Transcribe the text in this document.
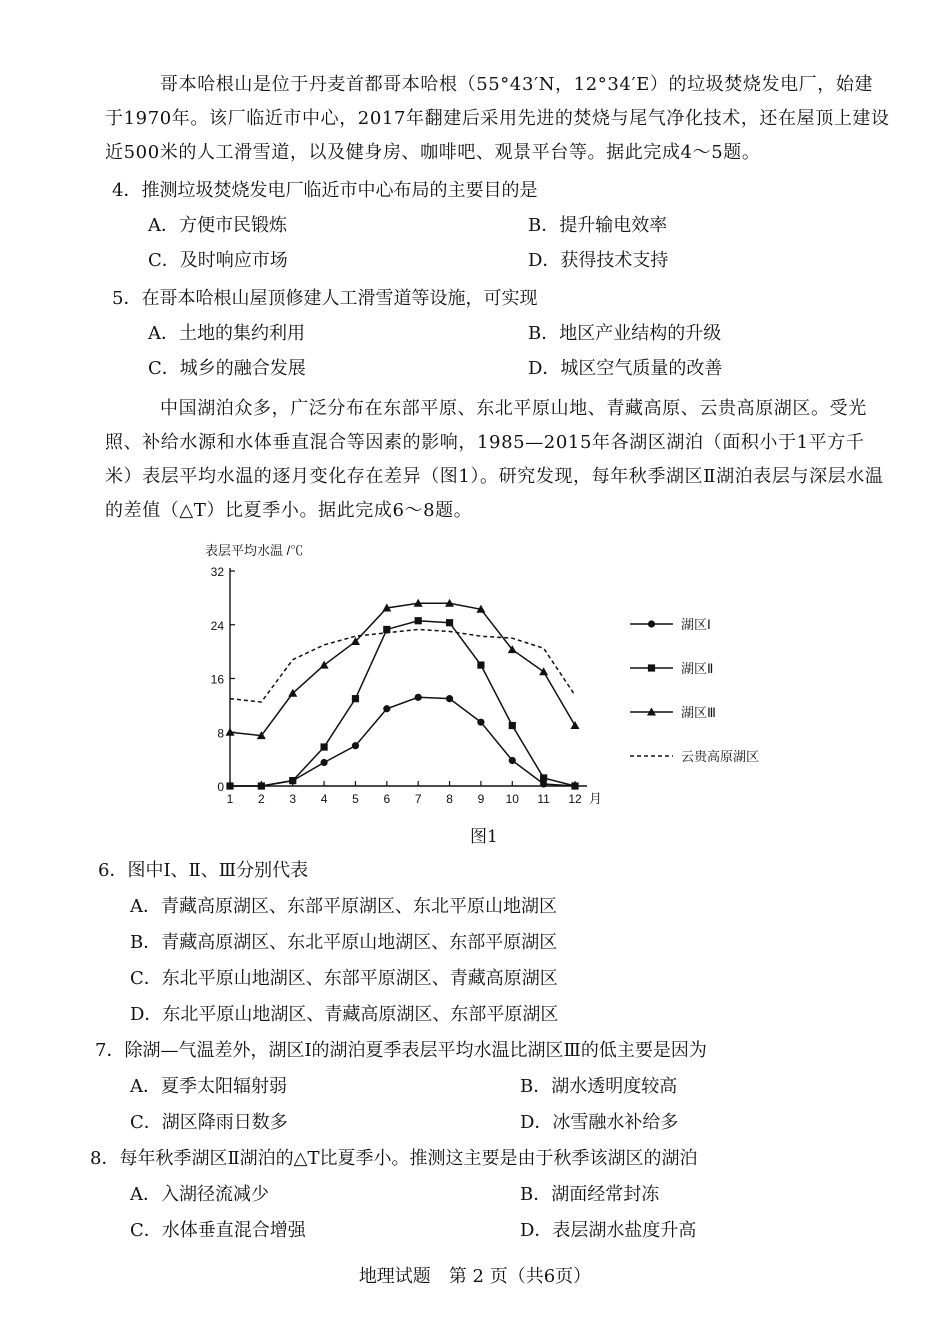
哥本哈根山是位于丹麦首都哥本哈根（55°43′N，12°34′E）的垃圾焚烧发电厂，始建于1970年。该厂临近市中心，2017年翻建后采用先进的焚烧与尾气净化技术，还在屋顶上建设近500米的人工滑雪道，以及健身房、咖啡吧、观景平台等。据此完成4～5题。
4．推测垃圾焚烧发电厂临近市中心布局的主要目的是
A．方便市民锻炼	B．提升输电效率
C．及时响应市场	D．获得技术支持
5．在哥本哈根山屋顶修建人工滑雪道等设施，可实现
A．土地的集约利用	B．地区产业结构的升级
C．城乡的融合发展	D．城区空气质量的改善
中国湖泊众多，广泛分布在东部平原、东北平原山地、青藏高原、云贵高原湖区。受光照、补给水源和水体垂直混合等因素的影响，1985—2015年各湖区湖泊（面积小于1平方千米）表层平均水温的逐月变化存在差异（图1）。研究发现，每年秋季湖区Ⅱ湖泊表层与深层水温的差值（△T）比夏季小。据此完成6～8题。
0
8
16
24
32
1 2 3 4 5 6 7 8 9 10 11 12 月
表层平均水温 /℃
湖区Ⅰ
湖区Ⅱ
湖区Ⅲ
云贵高原湖区
图1
6．图中Ⅰ、Ⅱ、Ⅲ分别代表
A．青藏高原湖区、东部平原湖区、东北平原山地湖区
B．青藏高原湖区、东北平原山地湖区、东部平原湖区
C．东北平原山地湖区、东部平原湖区、青藏高原湖区
D．东北平原山地湖区、青藏高原湖区、东部平原湖区
7．除湖—气温差外，湖区Ⅰ的湖泊夏季表层平均水温比湖区Ⅲ的低主要是因为
A．夏季太阳辐射弱	B．湖水透明度较高
C．湖区降雨日数多	D．冰雪融水补给多
8．每年秋季湖区Ⅱ湖泊的△T比夏季小。推测这主要是由于秋季该湖区的湖泊
A．入湖径流减少	B．湖面经常封冻
C．水体垂直混合增强	D．表层湖水盐度升高
地理试题　第 2 页（共6页）
